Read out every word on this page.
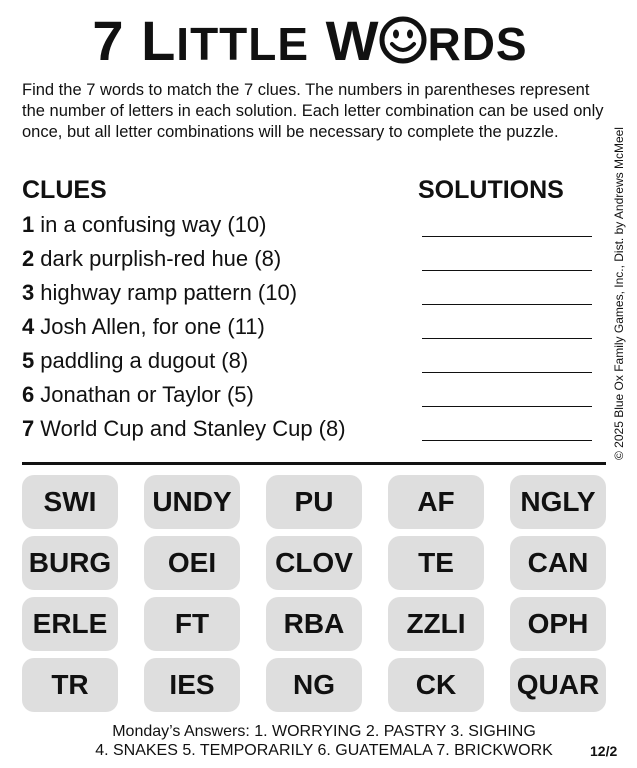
7 LITTLE W RDS
Find the 7 words to match the 7 clues. The numbers in parentheses represent the number of letters in each solution. Each letter combination can be used only once, but all letter combinations will be necessary to complete the puzzle.	© 2025 Blue Ox Family Games, Inc., Dist. by Andrews McMeel
CLUES	SOLUTIONS
1 in a confusing way (10)
2 dark purplish-red hue (8)
3 highway ramp pattern (10)
4 Josh Allen, for one (11)
5 paddling a dugout (8)
6 Jonathan or Taylor (5)
7 World Cup and Stanley Cup (8)
SWI	UNDY	PU	AF	NGLY
BURG	OEI	CLOV	TE	CAN
ERLE	FT	RBA	ZZLI	OPH
TR	IES	NG	CK	QUAR
Monday’s Answers: 1. WORRYING 2. PASTRY 3. SIGHING
4. SNAKES 5. TEMPORARILY 6. GUATEMALA 7. BRICKWORK	12/2
